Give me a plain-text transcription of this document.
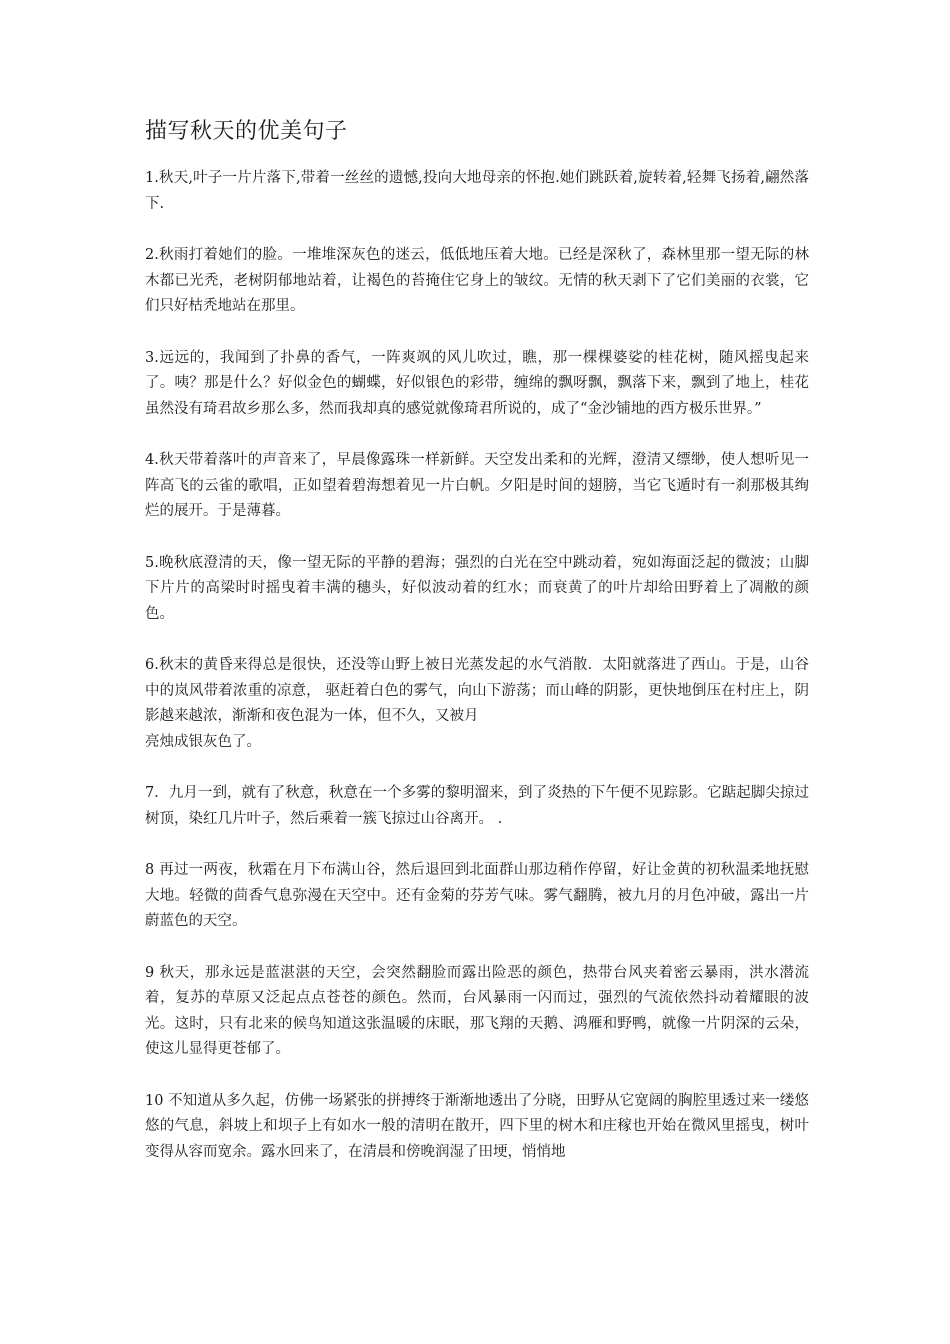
描写秋天的优美句子

1.秋天,叶子一片片落下,带着一丝丝的遗憾,投向大地母亲的怀抱.她们跳跃着,旋转着,轻舞飞扬着,翩然落下.

2.秋雨打着她们的脸。一堆堆深灰色的迷云，低低地压着大地。已经是深秋了，森林里那一望无际的林木都已光秃，老树阴郁地站着，让褐色的苔掩住它身上的皱纹。无情的秋天剥下了它们美丽的衣裳，它们只好枯秃地站在那里。

3.远远的，我闻到了扑鼻的香气，一阵爽飒的风儿吹过，瞧，那一棵棵婆娑的桂花树，随风摇曳起来了。咦？那是什么？好似金色的蝴蝶，好似银色的彩带，缠绵的飘呀飘，飘落下来，飘到了地上，桂花虽然没有琦君故乡那么多，然而我却真的感觉就像琦君所说的，成了“金沙铺地的西方极乐世界。”

4.秋天带着落叶的声音来了，早晨像露珠一样新鲜。天空发出柔和的光辉，澄清又缥缈，使人想听见一阵高飞的云雀的歌唱，正如望着碧海想着见一片白帆。夕阳是时间的翅膀，当它飞遁时有一刹那极其绚烂的展开。于是薄暮。

5.晚秋底澄清的天，像一望无际的平静的碧海；强烈的白光在空中跳动着，宛如海面泛起的微波；山脚下片片的高梁时时摇曳着丰满的穗头，好似波动着的红水；而衰黄了的叶片却给田野着上了凋敝的颜色。

6.秋末的黄昏来得总是很快，还没等山野上被日光蒸发起的水气消散．太阳就落进了西山。于是，山谷中的岚风带着浓重的凉意， 驱赶着白色的雾气，向山下游荡；而山峰的阴影，更快地倒压在村庄上，阴影越来越浓，渐渐和夜色混为一体，但不久，又被月
亮烛成银灰色了。

7．九月一到，就有了秋意，秋意在一个多雾的黎明溜来，到了炎热的下午便不见踪影。它踮起脚尖掠过树顶，染红几片叶子，然后乘着一簇飞掠过山谷离开。 .

8 再过一两夜，秋霜在月下布满山谷，然后退回到北面群山那边稍作停留，好让金黄的初秋温柔地抚慰大地。轻微的茴香气息弥漫在天空中。还有金菊的芬芳气味。雾气翻腾，被九月的月色冲破，露出一片蔚蓝色的天空。

9 秋天，那永远是蓝湛湛的天空，会突然翻脸而露出险恶的颜色，热带台风夹着密云暴雨，洪水潜流着，复苏的草原又泛起点点苍苍的颜色。然而，台风暴雨一闪而过，强烈的气流依然抖动着耀眼的波光。这时，只有北来的候鸟知道这张温暖的床眠，那飞翔的天鹅、鸿雁和野鸭，就像一片阴深的云朵，使这儿显得更苍郁了。

10 不知道从多久起，仿佛一场紧张的拼搏终于渐渐地透出了分晓，田野从它宽阔的胸腔里透过来一缕悠悠的气息，斜坡上和坝子上有如水一般的清明在散开，四下里的树木和庄稼也开始在微风里摇曳，树叶变得从容而宽余。露水回来了，在清晨和傍晚润湿了田埂，悄悄地
